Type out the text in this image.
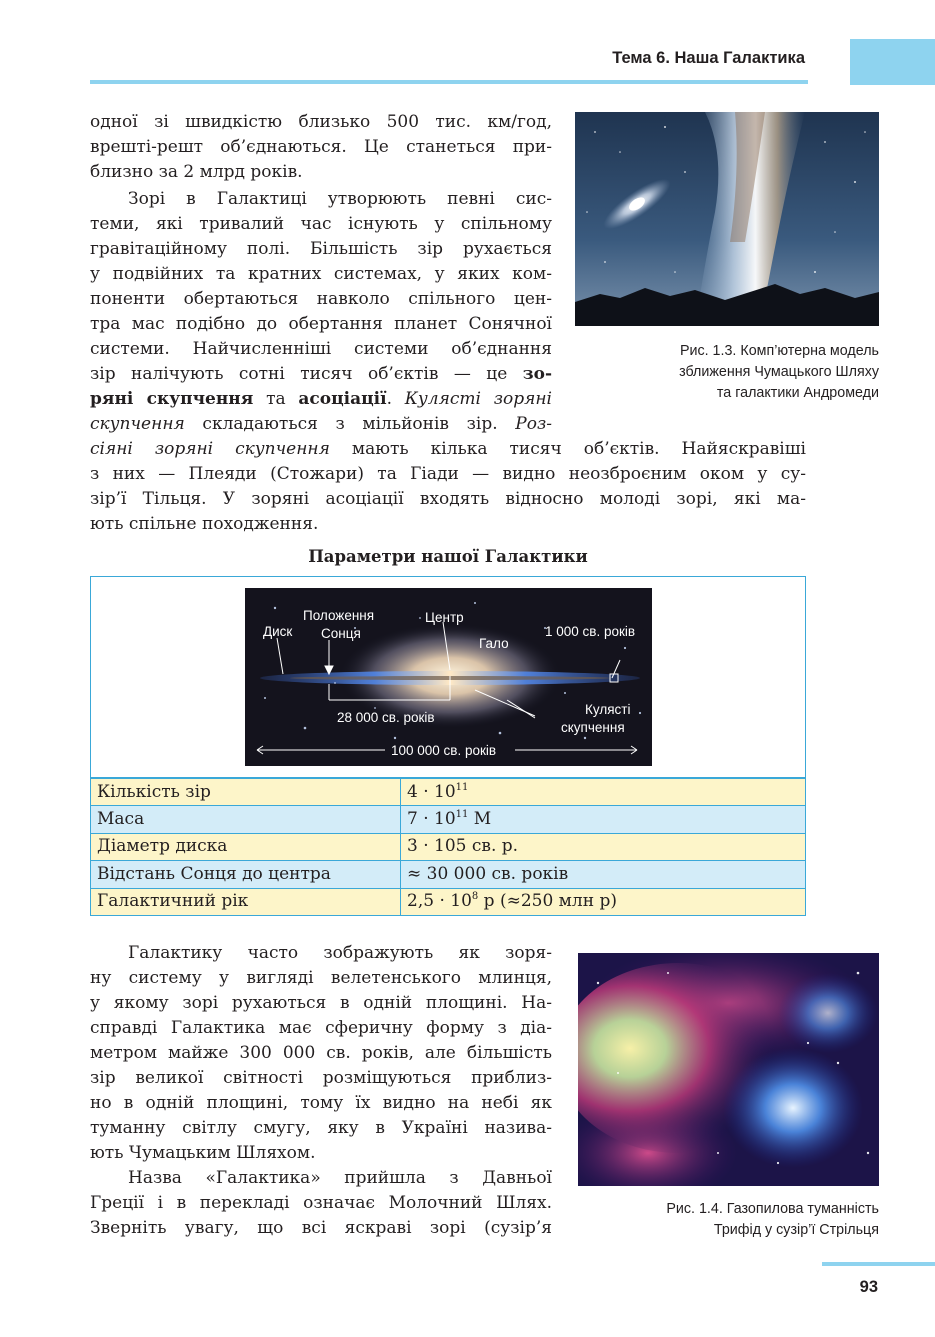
Тема 6. Наша Галактика

одної зі швидкістю близько 500 тис. км/год,

врешті-решт об’єднаються. Це станеться при-

близно за 2 млрд років.

Зорі в Галактиці утворюють певні сис-

теми, які тривалий час існують у спільному

гравітаційному полі. Більшість зір рухається

у подвійних та кратних системах, у яких ком-

поненти обертаються навколо спільного цен-

тра мас подібно до обертання планет Сонячної

системи. Найчисленніші системи об’єднання

зір налічують сотні тисяч об’єктів — це зо-

ряні скупчення та асоціації. Кулясті зоряні

скупчення складаються з мільйонів зір. Роз-

сіяні зоряні скупчення мають кілька тисяч об’єктів. Найяскравіші

з них — Плеяди (Стожари) та Гіади — видно неозброєним оком у су-

зір’ї Тільця. У зоряні асоціації входять відносно молоді зорі, які ма-

ють спільне походження.

Рис. 1.3. Комп’ютерна модель
зближення Чумацького Шляху
та галактики Андромеди
Параметри нашої Галактики
Диск
Положення
Сонця
Центр
Гало
1 000 св. років
28 000 св. років
Кулясті
скупчення
100 000 св. років
Кількість зір	$4 \cdot 10^{11}$
Маса	$7 \cdot 10^{11}$ M
Діаметр диска	3 · 105 св. р.
Відстань Сонця до центра	≈ 30 000 св. років
Галактичний рік	$2,5 \cdot 10^8$ р (≈250 млн р)

Галактику часто зображують як зоря-

ну систему у вигляді велетенського млинця,

у якому зорі рухаються в одній площині. На-

справді Галактика має сферичну форму з діа-

метром майже 300 000 св. років, але більшість

зір великої світності розміщуються приблиз-

но в одній площині, тому їх видно на небі як

туманну світлу смугу, яку в Україні назива-

ють Чумацьким Шляхом.

Назва «Галактика» прийшла з Давньої

Греції і в перекладі означає Молочний Шлях.

Зверніть увагу, що всі яскраві зорі (сузір’я

Рис. 1.4. Газопилова туманність
Трифід у сузір’ї Стрільця
93
